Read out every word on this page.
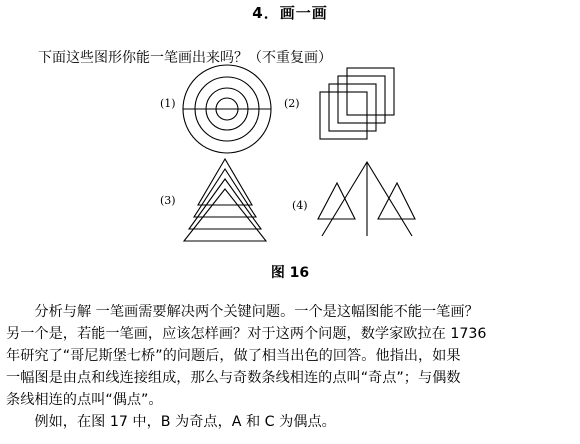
4．画一画
下面这些图形你能一笔画出来吗？（不重复画）
(1)	(2)
(3)	(4)
图 16

　　分析与解 一笔画需要解决两个关键问题。一个是这幅图能不能一笔画？
另一个是，若能一笔画，应该怎样画？对于这两个问题，数学家欧拉在 1736
年研究了“哥尼斯堡七桥”的问题后，做了相当出色的回答。他指出，如果
一幅图是由点和线连接组成，那么与奇数条线相连的点叫“奇点”；与偶数
条线相连的点叫“偶点”。
　　例如，在图 17 中，B 为奇点，A 和 C 为偶点。
